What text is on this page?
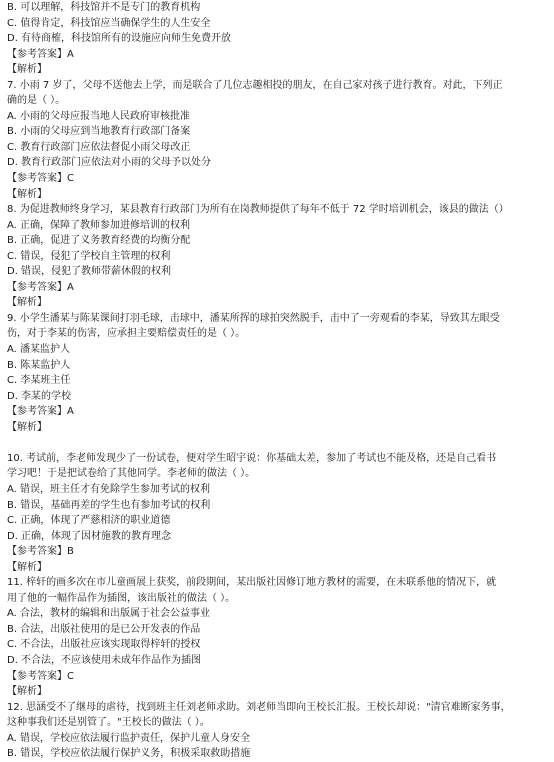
B. 可以理解，科技馆并不是专门的教育机构
C. 值得肯定，科技馆应当确保学生的人生安全
D. 有待商榷，科技馆所有的设施应向师生免费开放
【参考答案】A
【解析】
7. 小雨 7 岁了，父母不送他去上学，而是联合了几位志趣相投的朋友，在自己家对孩子进行教育。对此，下列正
确的是（ ）。
A. 小雨的父母应报当地人民政府审核批准
B. 小雨的父母应到当地教育行政部门备案
C. 教育行政部门应依法督促小雨父母改正
D. 教育行政部门应依法对小雨的父母予以处分
【参考答案】C
【解析】
8. 为促进教师终身学习，某县教育行政部门为所有在岗教师提供了每年不低于 72 学时培训机会，该县的做法（）
A. 正确，保障了教师参加进修培训的权利
B. 正确，促进了义务教育经费的均衡分配
C. 错误，侵犯了学校自主管理的权利
D. 错误，侵犯了教师带薪休假的权利
【参考答案】A
【解析】
9. 小学生潘某与陈某课间打羽毛球，击球中，潘某所挥的球拍突然脱手，击中了一旁观看的李某，导致其左眼受
伤，对于李某的伤害，应承担主要赔偿责任的是（ ）。
A. 潘某监护人
B. 陈某监护人
C. 李某班主任
D. 李某的学校
【参考答案】A
【解析】
10. 考试前，李老师发现少了一份试卷，便对学生昭宇说：你基础太差，参加了考试也不能及格，还是自己看书
学习吧！于是把试卷给了其他同学。李老师的做法（ ）。
A. 错误，班主任才有免除学生参加考试的权利
B. 错误，基础再差的学生也有参加考试的权利
C. 正确，体现了严慈相济的职业道德
D. 正确，体现了因材施教的教育理念
【参考答案】B
【解析】
11. 梓轩的画多次在市儿童画展上获奖，前段期间，某出版社因修订地方教材的需要，在未联系他的情况下，就
用了他的一幅作品作为插图，该出版社的做法（ ）。
A. 合法，教材的编辑和出版属于社会公益事业
B. 合法，出版社使用的是已公开发表的作品
C. 不合法，出版社应该实现取得梓轩的授权
D. 不合法，不应该使用未成年作品作为插图
【参考答案】C
【解析】
12. 思涵受不了继母的虐待，找到班主任刘老师求助。刘老师当即向王校长汇报。王校长却说："清官难断家务事，
这种事我们还是别管了。"王校长的做法（ ）。
A. 错误，学校应依法履行监护责任，保护儿童人身安全
B. 错误，学校应依法履行保护义务，积极采取救助措施
